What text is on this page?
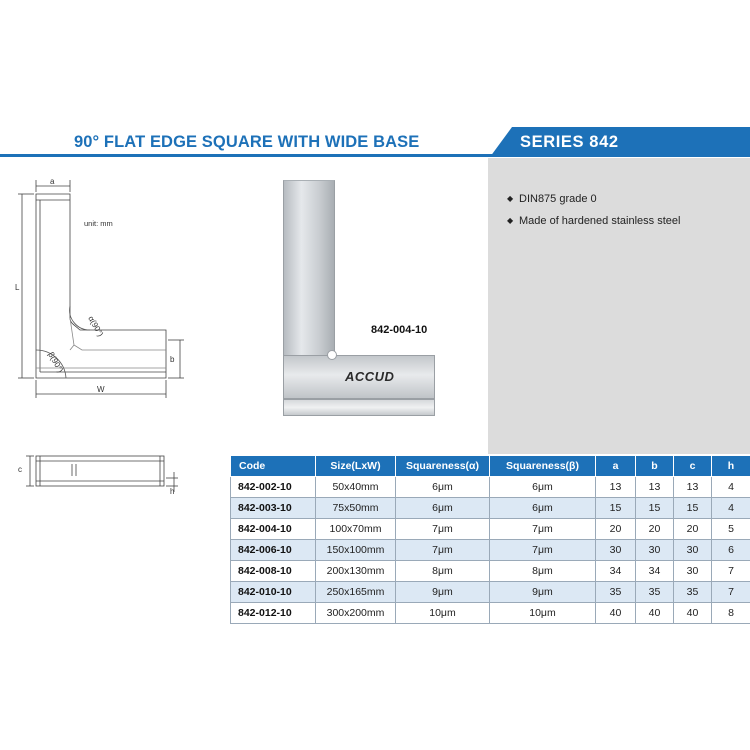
90° FLAT EDGE SQUARE WITH WIDE BASE	SERIES 842
◆ DIN875 grade 0
◆ Made of hardened stainless steel
a
L
W
b
α(90°)
β(90°)
c
h
unit: mm
ACCUD
842-004-10
Code	Size(LxW)	Squareness(α)	Squareness(β)	a	b	c	h
842-002-10	50x40mm	6μm	6μm	13	13	13	4
842-003-10	75x50mm	6μm	6μm	15	15	15	4
842-004-10	100x70mm	7μm	7μm	20	20	20	5
842-006-10	150x100mm	7μm	7μm	30	30	30	6
842-008-10	200x130mm	8μm	8μm	34	34	30	7
842-010-10	250x165mm	9μm	9μm	35	35	35	7
842-012-10	300x200mm	10μm	10μm	40	40	40	8
